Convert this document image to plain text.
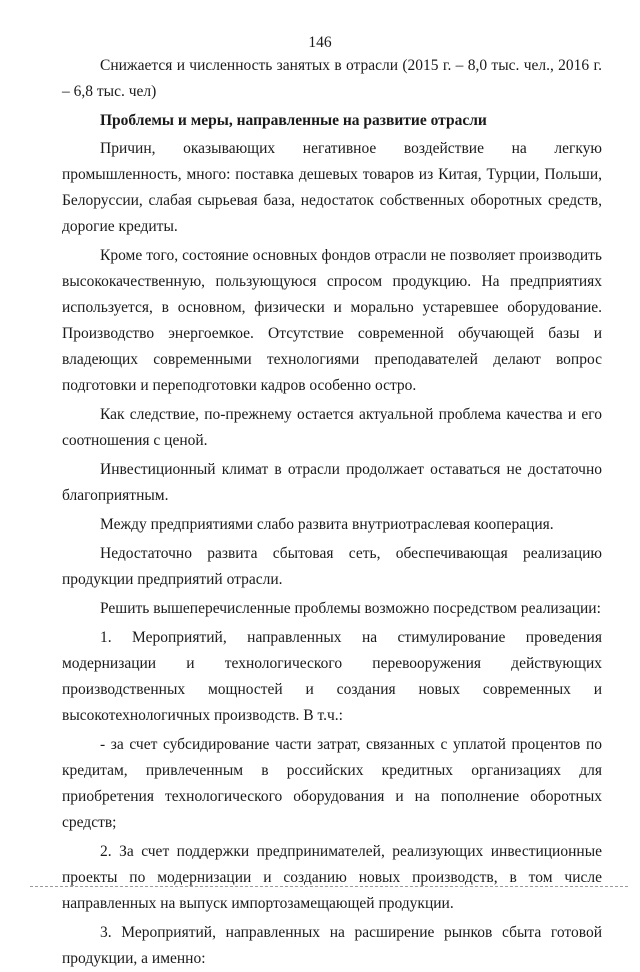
146

Снижается и численность занятых в отрасли (2015 г. – 8,0 тыс. чел., 2016 г. – 6,8 тыс. чел)

Проблемы и меры, направленные на развитие отрасли

Причин, оказывающих негативное воздействие на легкую промышленность, много: поставка дешевых товаров из Китая, Турции, Польши, Белоруссии, слабая сырьевая база, недостаток собственных оборотных средств, дорогие кредиты.

Кроме того, состояние основных фондов отрасли не позволяет производить высококачественную, пользующуюся спросом продукцию. На предприятиях используется, в основном, физически и морально устаревшее оборудование. Производство энергоемкое. Отсутствие современной обучающей базы и владеющих современными технологиями преподавателей делают вопрос подготовки и переподготовки кадров особенно остро.

Как следствие, по-прежнему остается актуальной проблема качества и его соотношения с ценой.

Инвестиционный климат в отрасли продолжает оставаться не достаточно благоприятным.

Между предприятиями слабо развита внутриотраслевая кооперация.

Недостаточно развита сбытовая сеть, обеспечивающая реализацию продукции предприятий отрасли.

Решить вышеперечисленные проблемы возможно посредством реализации:

1. Мероприятий, направленных на стимулирование проведения модернизации и технологического перевооружения действующих производственных мощностей и создания новых современных и высокотехнологичных производств. В т.ч.:

- за счет субсидирование части затрат, связанных с уплатой процентов по кредитам, привлеченным в российских кредитных организациях для приобретения технологического оборудования и на пополнение оборотных средств;

2. За счет поддержки предпринимателей, реализующих инвестиционные проекты по модернизации и созданию новых производств, в том числе направленных на выпуск импортозамещающей продукции.

3. Мероприятий, направленных на расширение рынков сбыта готовой продукции, а именно:
